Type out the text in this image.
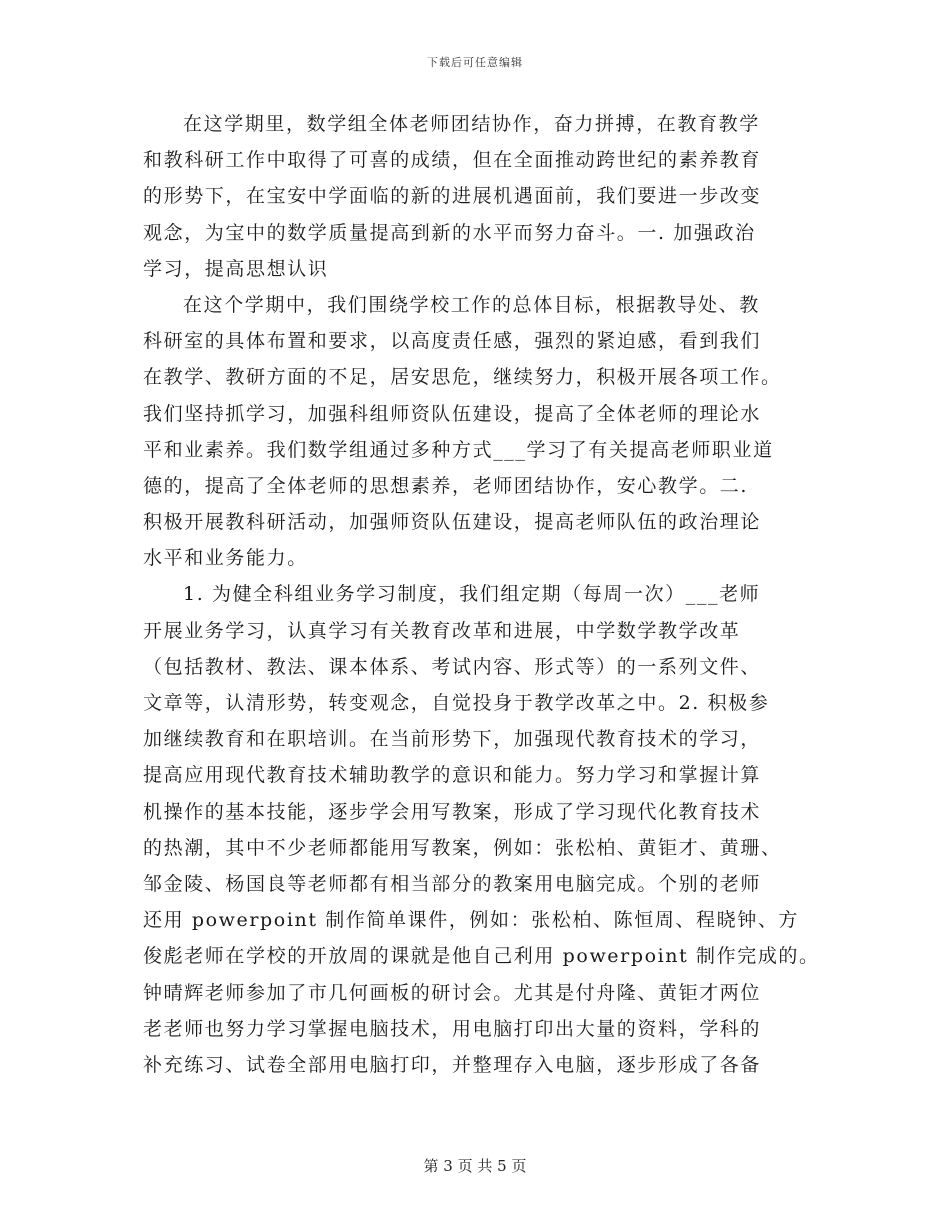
下载后可任意编辑
在这学期里，数学组全体老师团结协作，奋力拼搏，在教育教学
和教科研工作中取得了可喜的成绩，但在全面推动跨世纪的素养教育
的形势下，在宝安中学面临的新的进展机遇面前，我们要进一步改变
观念，为宝中的数学质量提高到新的水平而努力奋斗。一. 加强政治
学习，提高思想认识
在这个学期中，我们围绕学校工作的总体目标，根据教导处、教
科研室的具体布置和要求，以高度责任感，强烈的紧迫感，看到我们
在教学、教研方面的不足，居安思危，继续努力，积极开展各项工作。
我们坚持抓学习，加强科组师资队伍建设，提高了全体老师的理论水
平和业素养。我们数学组通过多种方式___学习了有关提高老师职业道
德的，提高了全体老师的思想素养，老师团结协作，安心教学。二.
积极开展教科研活动，加强师资队伍建设，提高老师队伍的政治理论
水平和业务能力。
1. 为健全科组业务学习制度，我们组定期（每周一次）___老师
开展业务学习，认真学习有关教育改革和进展，中学数学教学改革
（包括教材、教法、课本体系、考试内容、形式等）的一系列文件、
文章等，认清形势，转变观念，自觉投身于教学改革之中。2. 积极参
加继续教育和在职培训。在当前形势下，加强现代教育技术的学习，
提高应用现代教育技术辅助教学的意识和能力。努力学习和掌握计算
机操作的基本技能，逐步学会用写教案，形成了学习现代化教育技术
的热潮，其中不少老师都能用写教案，例如：张松柏、黄钜才、黄珊、
邹金陵、杨国良等老师都有相当部分的教案用电脑完成。个别的老师
还用 powerpoint 制作简单课件，例如：张松柏、陈恒周、程晓钟、方
俊彪老师在学校的开放周的课就是他自己利用 powerpoint 制作完成的。
钟晴辉老师参加了市几何画板的研讨会。尤其是付舟隆、黄钜才两位
老老师也努力学习掌握电脑技术，用电脑打印出大量的资料，学科的
补充练习、试卷全部用电脑打印，并整理存入电脑，逐步形成了各备
第 3 页 共 5 页
